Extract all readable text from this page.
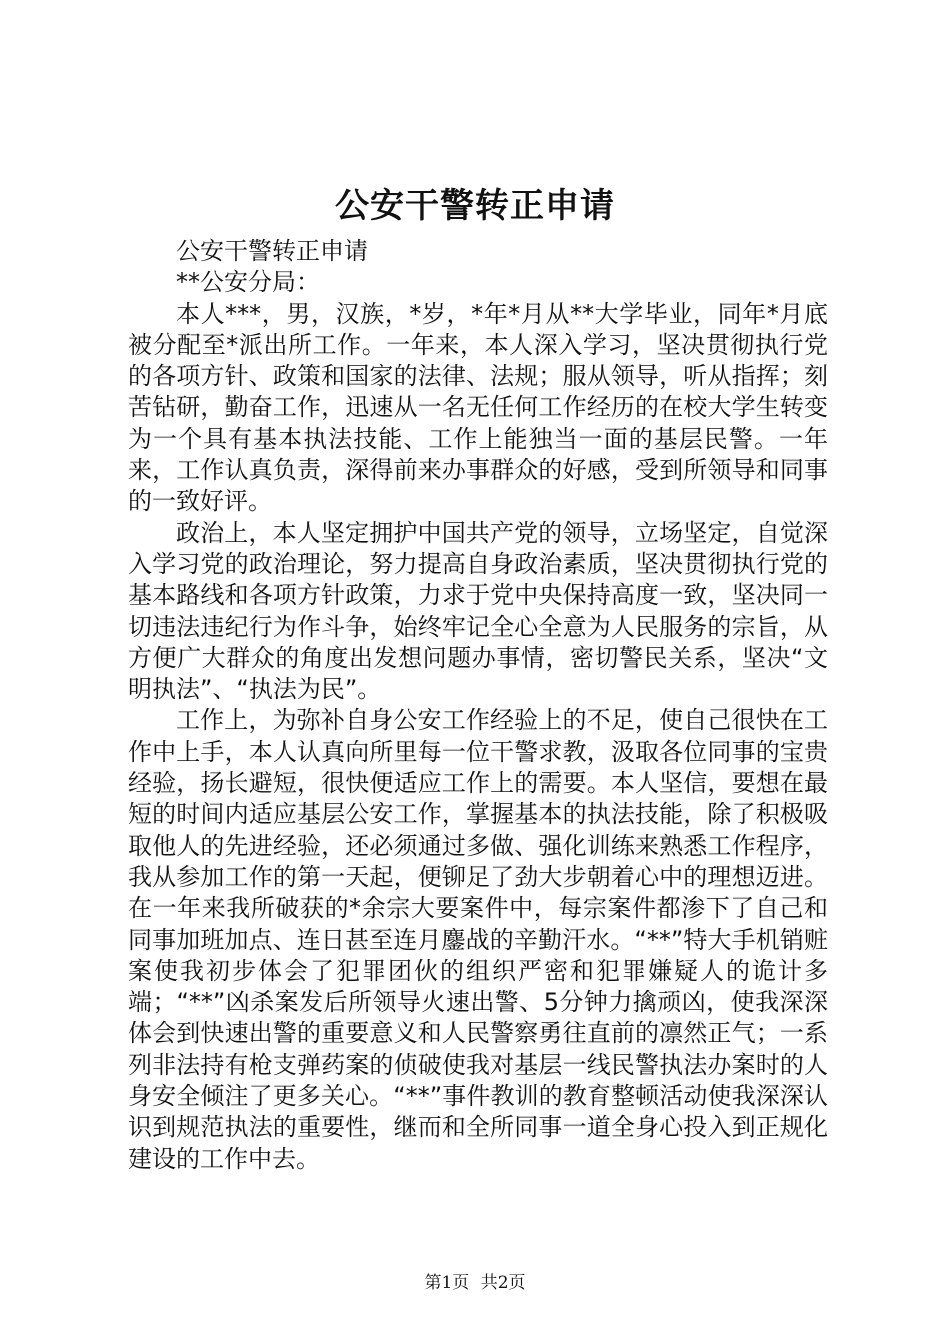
公安干警转正申请

公安干警转正申请

**公安分局：

本人***，男，汉族，*岁，*年*月从**大学毕业，同年*月底被分配至*派出所工作。一年来，本人深入学习，坚决贯彻执行党的各项方针、政策和国家的法律、法规；服从领导，听从指挥；刻苦钻研，勤奋工作，迅速从一名无任何工作经历的在校大学生转变为一个具有基本执法技能、工作上能独当一面的基层民警。一年来，工作认真负责，深得前来办事群众的好感，受到所领导和同事的一致好评。

政治上，本人坚定拥护中国共产党的领导，立场坚定，自觉深入学习党的政治理论，努力提高自身政治素质，坚决贯彻执行党的基本路线和各项方针政策，力求于党中央保持高度一致，坚决同一切违法违纪行为作斗争，始终牢记全心全意为人民服务的宗旨，从方便广大群众的角度出发想问题办事情，密切警民关系，坚决“文明执法”、“执法为民”。

工作上，为弥补自身公安工作经验上的不足，使自己很快在工作中上手，本人认真向所里每一位干警求教，汲取各位同事的宝贵经验，扬长避短，很快便适应工作上的需要。本人坚信，要想在最短的时间内适应基层公安工作，掌握基本的执法技能，除了积极吸取他人的先进经验，还必须通过多做、强化训练来熟悉工作程序，我从参加工作的第一天起，便铆足了劲大步朝着心中的理想迈进。在一年来我所破获的*余宗大要案件中，每宗案件都渗下了自己和同事加班加点、连日甚至连月鏖战的辛勤汗水。“**”特大手机销赃案使我初步体会了犯罪团伙的组织严密和犯罪嫌疑人的诡计多端；“**”凶杀案发后所领导火速出警、5分钟力擒顽凶，使我深深体会到快速出警的重要意义和人民警察勇往直前的凛然正气；一系列非法持有枪支弹药案的侦破使我对基层一线民警执法办案时的人身安全倾注了更多关心。“**”事件教训的教育整顿活动使我深深认识到规范执法的重要性，继而和全所同事一道全身心投入到正规化建设的工作中去。

第1页 共2页
